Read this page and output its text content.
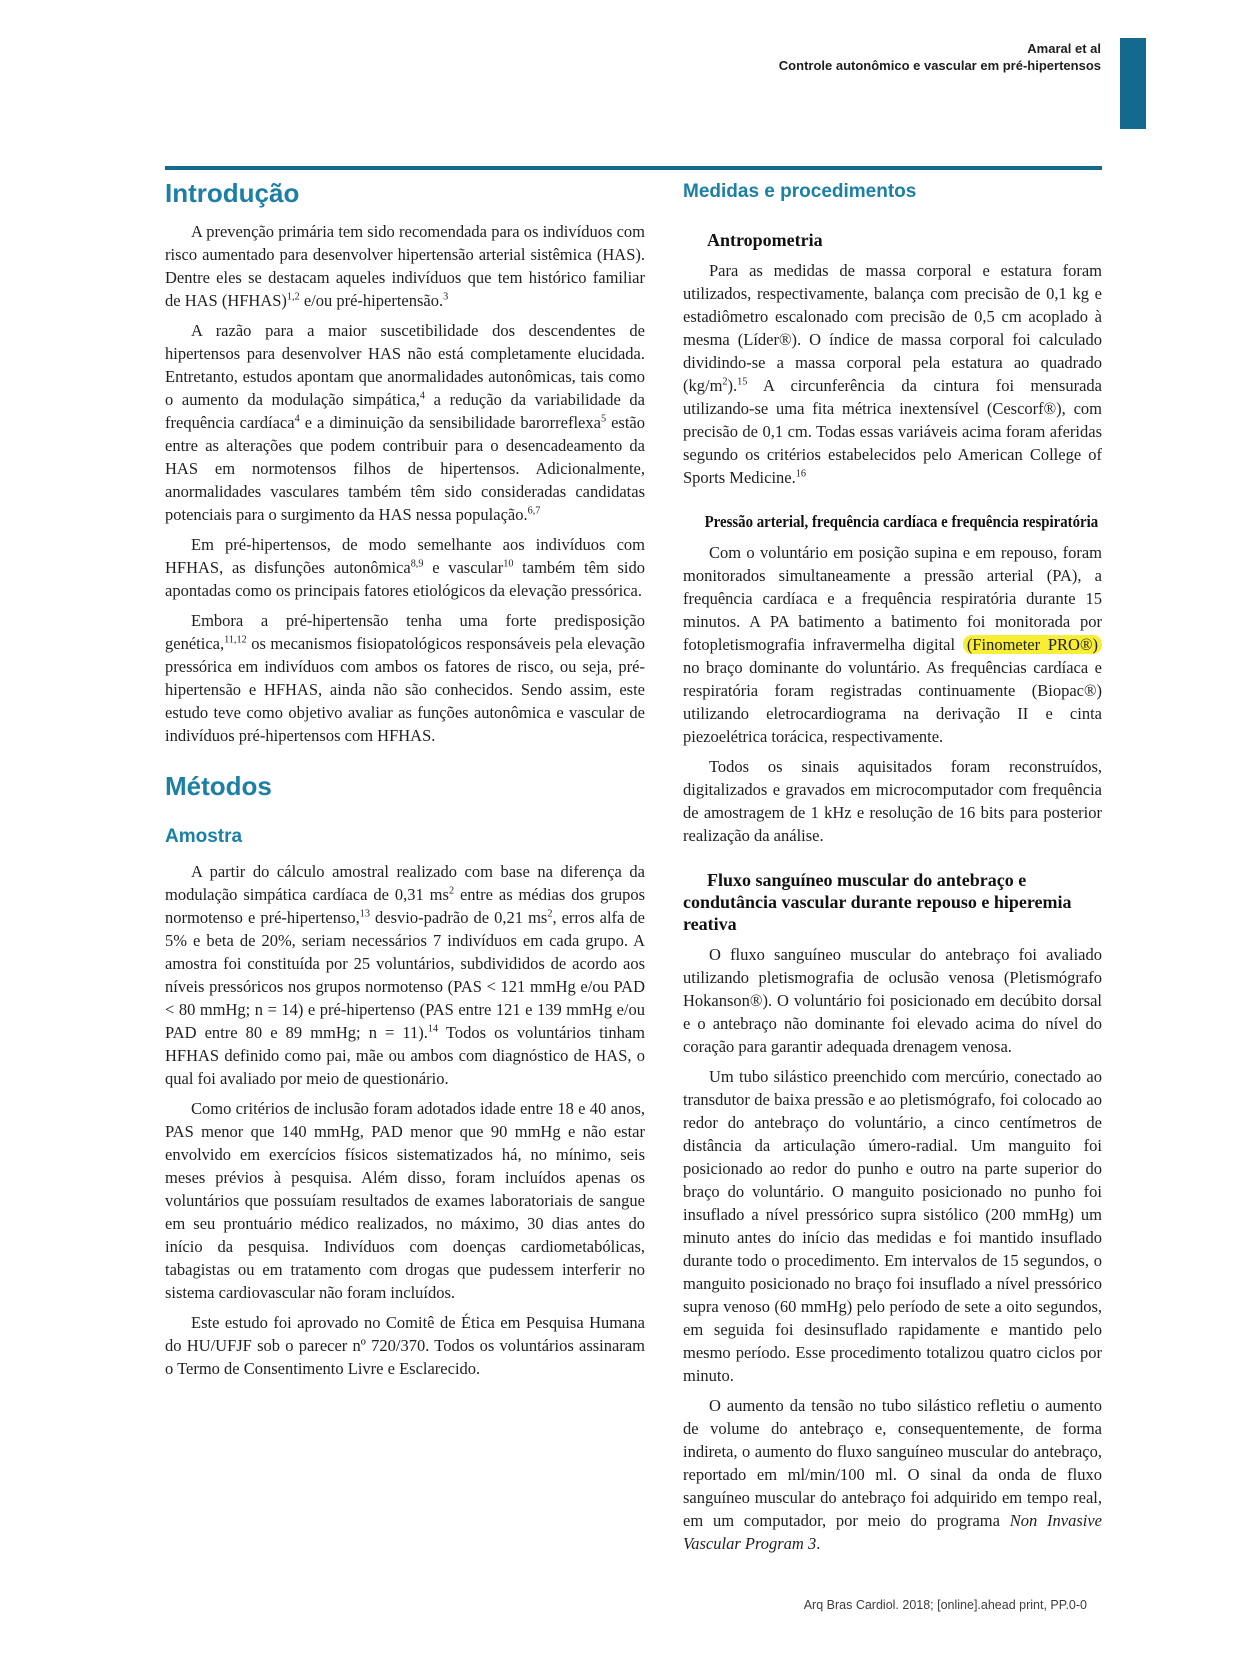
Amaral et al
Controle autonômico e vascular em pré-hipertensos
Introdução

A prevenção primária tem sido recomendada para os indivíduos com risco aumentado para desenvolver hipertensão arterial sistêmica (HAS). Dentre eles se destacam aqueles indivíduos que tem histórico familiar de HAS (HFHAS)$^{1,2}$ e/ou pré-hipertensão.$^3$

A razão para a maior suscetibilidade dos descendentes de hipertensos para desenvolver HAS não está completamente elucidada. Entretanto, estudos apontam que anormalidades autonômicas, tais como o aumento da modulação simpática,$^4$ a redução da variabilidade da frequência cardíaca$^4$ e a diminuição da sensibilidade barorreflexa$^5$ estão entre as alterações que podem contribuir para o desencadeamento da HAS em normotensos filhos de hipertensos. Adicionalmente, anormalidades vasculares também têm sido consideradas candidatas potenciais para o surgimento da HAS nessa população.$^{6,7}$

Em pré-hipertensos, de modo semelhante aos indivíduos com HFHAS, as disfunções autonômica$^{8,9}$ e vascular$^{10}$ também têm sido apontadas como os principais fatores etiológicos da elevação pressórica.

Embora a pré-hipertensão tenha uma forte predisposição genética,$^{11,12}$ os mecanismos fisiopatológicos responsáveis pela elevação pressórica em indivíduos com ambos os fatores de risco, ou seja, pré-hipertensão e HFHAS, ainda não são conhecidos. Sendo assim, este estudo teve como objetivo avaliar as funções autonômica e vascular de indivíduos pré-hipertensos com HFHAS.

Métodos
Amostra

A partir do cálculo amostral realizado com base na diferença da modulação simpática cardíaca de 0,31 $ms^2$ entre as médias dos grupos normotenso e pré-hipertenso,$^{13}$ desvio-padrão de 0,21 $ms^2$, erros alfa de 5% e beta de 20%, seriam necessários 7 indivíduos em cada grupo. A amostra foi constituída por 25 voluntários, subdivididos de acordo aos níveis pressóricos nos grupos normotenso (PAS < 121 mmHg e/ou PAD < 80 mmHg; n = 14) e pré-hipertenso (PAS entre 121 e 139 mmHg e/ou PAD entre 80 e 89 mmHg; n = 11).$^{14}$ Todos os voluntários tinham HFHAS definido como pai, mãe ou ambos com diagnóstico de HAS, o qual foi avaliado por meio de questionário.

Como critérios de inclusão foram adotados idade entre 18 e 40 anos, PAS menor que 140 mmHg, PAD menor que 90 mmHg e não estar envolvido em exercícios físicos sistematizados há, no mínimo, seis meses prévios à pesquisa. Além disso, foram incluídos apenas os voluntários que possuíam resultados de exames laboratoriais de sangue em seu prontuário médico realizados, no máximo, 30 dias antes do início da pesquisa. Indivíduos com doenças cardiometabólicas, tabagistas ou em tratamento com drogas que pudessem interferir no sistema cardiovascular não foram incluídos.

Este estudo foi aprovado no Comitê de Ética em Pesquisa Humana do HU/UFJF sob o parecer nº 720/370. Todos os voluntários assinaram o Termo de Consentimento Livre e Esclarecido.

Medidas e procedimentos
Antropometria

Para as medidas de massa corporal e estatura foram utilizados, respectivamente, balança com precisão de 0,1 kg e estadiômetro escalonado com precisão de 0,5 cm acoplado à mesma (Líder®). O índice de massa corporal foi calculado dividindo-se a massa corporal pela estatura ao quadrado $(kg/m^2).^{15}$ A circunferência da cintura foi mensurada utilizando-se uma fita métrica inextensível (Cescorf®), com precisão de 0,1 cm. Todas essas variáveis acima foram aferidas segundo os critérios estabelecidos pelo American College of Sports Medicine.$^{16}$

Pressão arterial, frequência cardíaca e frequência respiratória

Com o voluntário em posição supina e em repouso, foram monitorados simultaneamente a pressão arterial (PA), a frequência cardíaca e a frequência respiratória durante 15 minutos. A PA batimento a batimento foi monitorada por fotopletismografia infravermelha digital (Finometer PRO®) no braço dominante do voluntário. As frequências cardíaca e respiratória foram registradas continuamente (Biopac®) utilizando eletrocardiograma na derivação II e cinta piezoelétrica torácica, respectivamente.

Todos os sinais aquisitados foram reconstruídos, digitalizados e gravados em microcomputador com frequência de amostragem de 1 kHz e resolução de 16 bits para posterior realização da análise.

Fluxo sanguíneo muscular do antebraço e condutância vascular durante repouso e hiperemia reativa

O fluxo sanguíneo muscular do antebraço foi avaliado utilizando pletismografia de oclusão venosa (Pletismógrafo Hokanson®). O voluntário foi posicionado em decúbito dorsal e o antebraço não dominante foi elevado acima do nível do coração para garantir adequada drenagem venosa.

Um tubo silástico preenchido com mercúrio, conectado ao transdutor de baixa pressão e ao pletismógrafo, foi colocado ao redor do antebraço do voluntário, a cinco centímetros de distância da articulação úmero-radial. Um manguito foi posicionado ao redor do punho e outro na parte superior do braço do voluntário. O manguito posicionado no punho foi insuflado a nível pressórico supra sistólico (200 mmHg) um minuto antes do início das medidas e foi mantido insuflado durante todo o procedimento. Em intervalos de 15 segundos, o manguito posicionado no braço foi insuflado a nível pressórico supra venoso (60 mmHg) pelo período de sete a oito segundos, em seguida foi desinsuflado rapidamente e mantido pelo mesmo período. Esse procedimento totalizou quatro ciclos por minuto.

O aumento da tensão no tubo silástico refletiu o aumento de volume do antebraço e, consequentemente, de forma indireta, o aumento do fluxo sanguíneo muscular do antebraço, reportado em ml/min/100 ml. O sinal da onda de fluxo sanguíneo muscular do antebraço foi adquirido em tempo real, em um computador, por meio do programa Non Invasive Vascular Program 3.

Arq Bras Cardiol. 2018; [online].ahead print, PP.0-0
